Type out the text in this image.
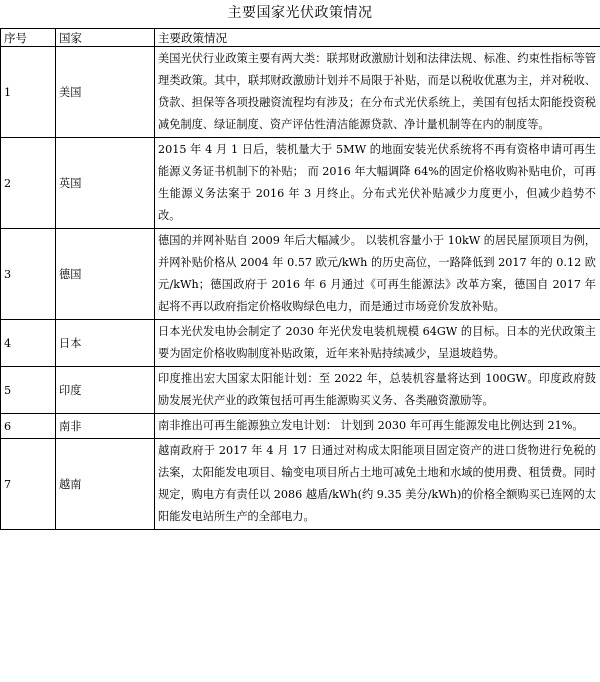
主要国家光伏政策情况
序号	国家	主要政策情况
1	美国	美国光伏行业政策主要有两大类：联邦财政激励计划和法律法规、标准、约束性指标等管理类政策。其中，联邦财政激励计划并不局限于补贴，而是以税收优惠为主，并对税收、贷款、担保等各项投融资流程均有涉及；在分布式光伏系统上，美国有包括太阳能投资税减免制度、绿证制度、资产评估性清洁能源贷款、净计量机制等在内的制度等。
2	英国	2015 年 4 月 1 日后，装机量大于 5MW 的地面安装光伏系统将不再有资格申请可再生能源义务证书机制下的补贴； 而 2016 年大幅调降 64%的固定价格收购补贴电价，可再生能源义务法案于 2016 年 3 月终止。分布式光伏补贴减少力度更小，但减少趋势不改。
3	德国	德国的并网补贴自 2009 年后大幅减少。 以装机容量小于 10kW 的居民屋顶项目为例，并网补贴价格从 2004 年 0.57 欧元/kWh 的历史高位，一路降低到 2017 年的 0.12 欧元/kWh；德国政府于 2016 年 6 月通过《可再生能源法》改革方案，德国自 2017 年起将不再以政府指定价格收购绿色电力，而是通过市场竞价发放补贴。
4	日本	日本光伏发电协会制定了 2030 年光伏发电装机规模 64GW 的目标。日本的光伏政策主要为固定价格收购制度补贴政策，近年来补贴持续减少，呈退坡趋势。
5	印度	印度推出宏大国家太阳能计划：至 2022 年，总装机容量将达到 100GW。印度政府鼓励发展光伏产业的政策包括可再生能源购买义务、各类融资激励等。
6	南非	南非推出可再生能源独立发电计划： 计划到 2030 年可再生能源发电比例达到 21%。
7	越南	越南政府于 2017 年 4 月 17 日通过对构成太阳能项目固定资产的进口货物进行免税的法案，太阳能发电项目、输变电项目所占土地可减免土地和水域的使用费、租赁费。同时规定，购电方有责任以 2086 越盾/kWh(约 9.35 美分/kWh)的价格全额购买已连网的太阳能发电站所生产的全部电力。
